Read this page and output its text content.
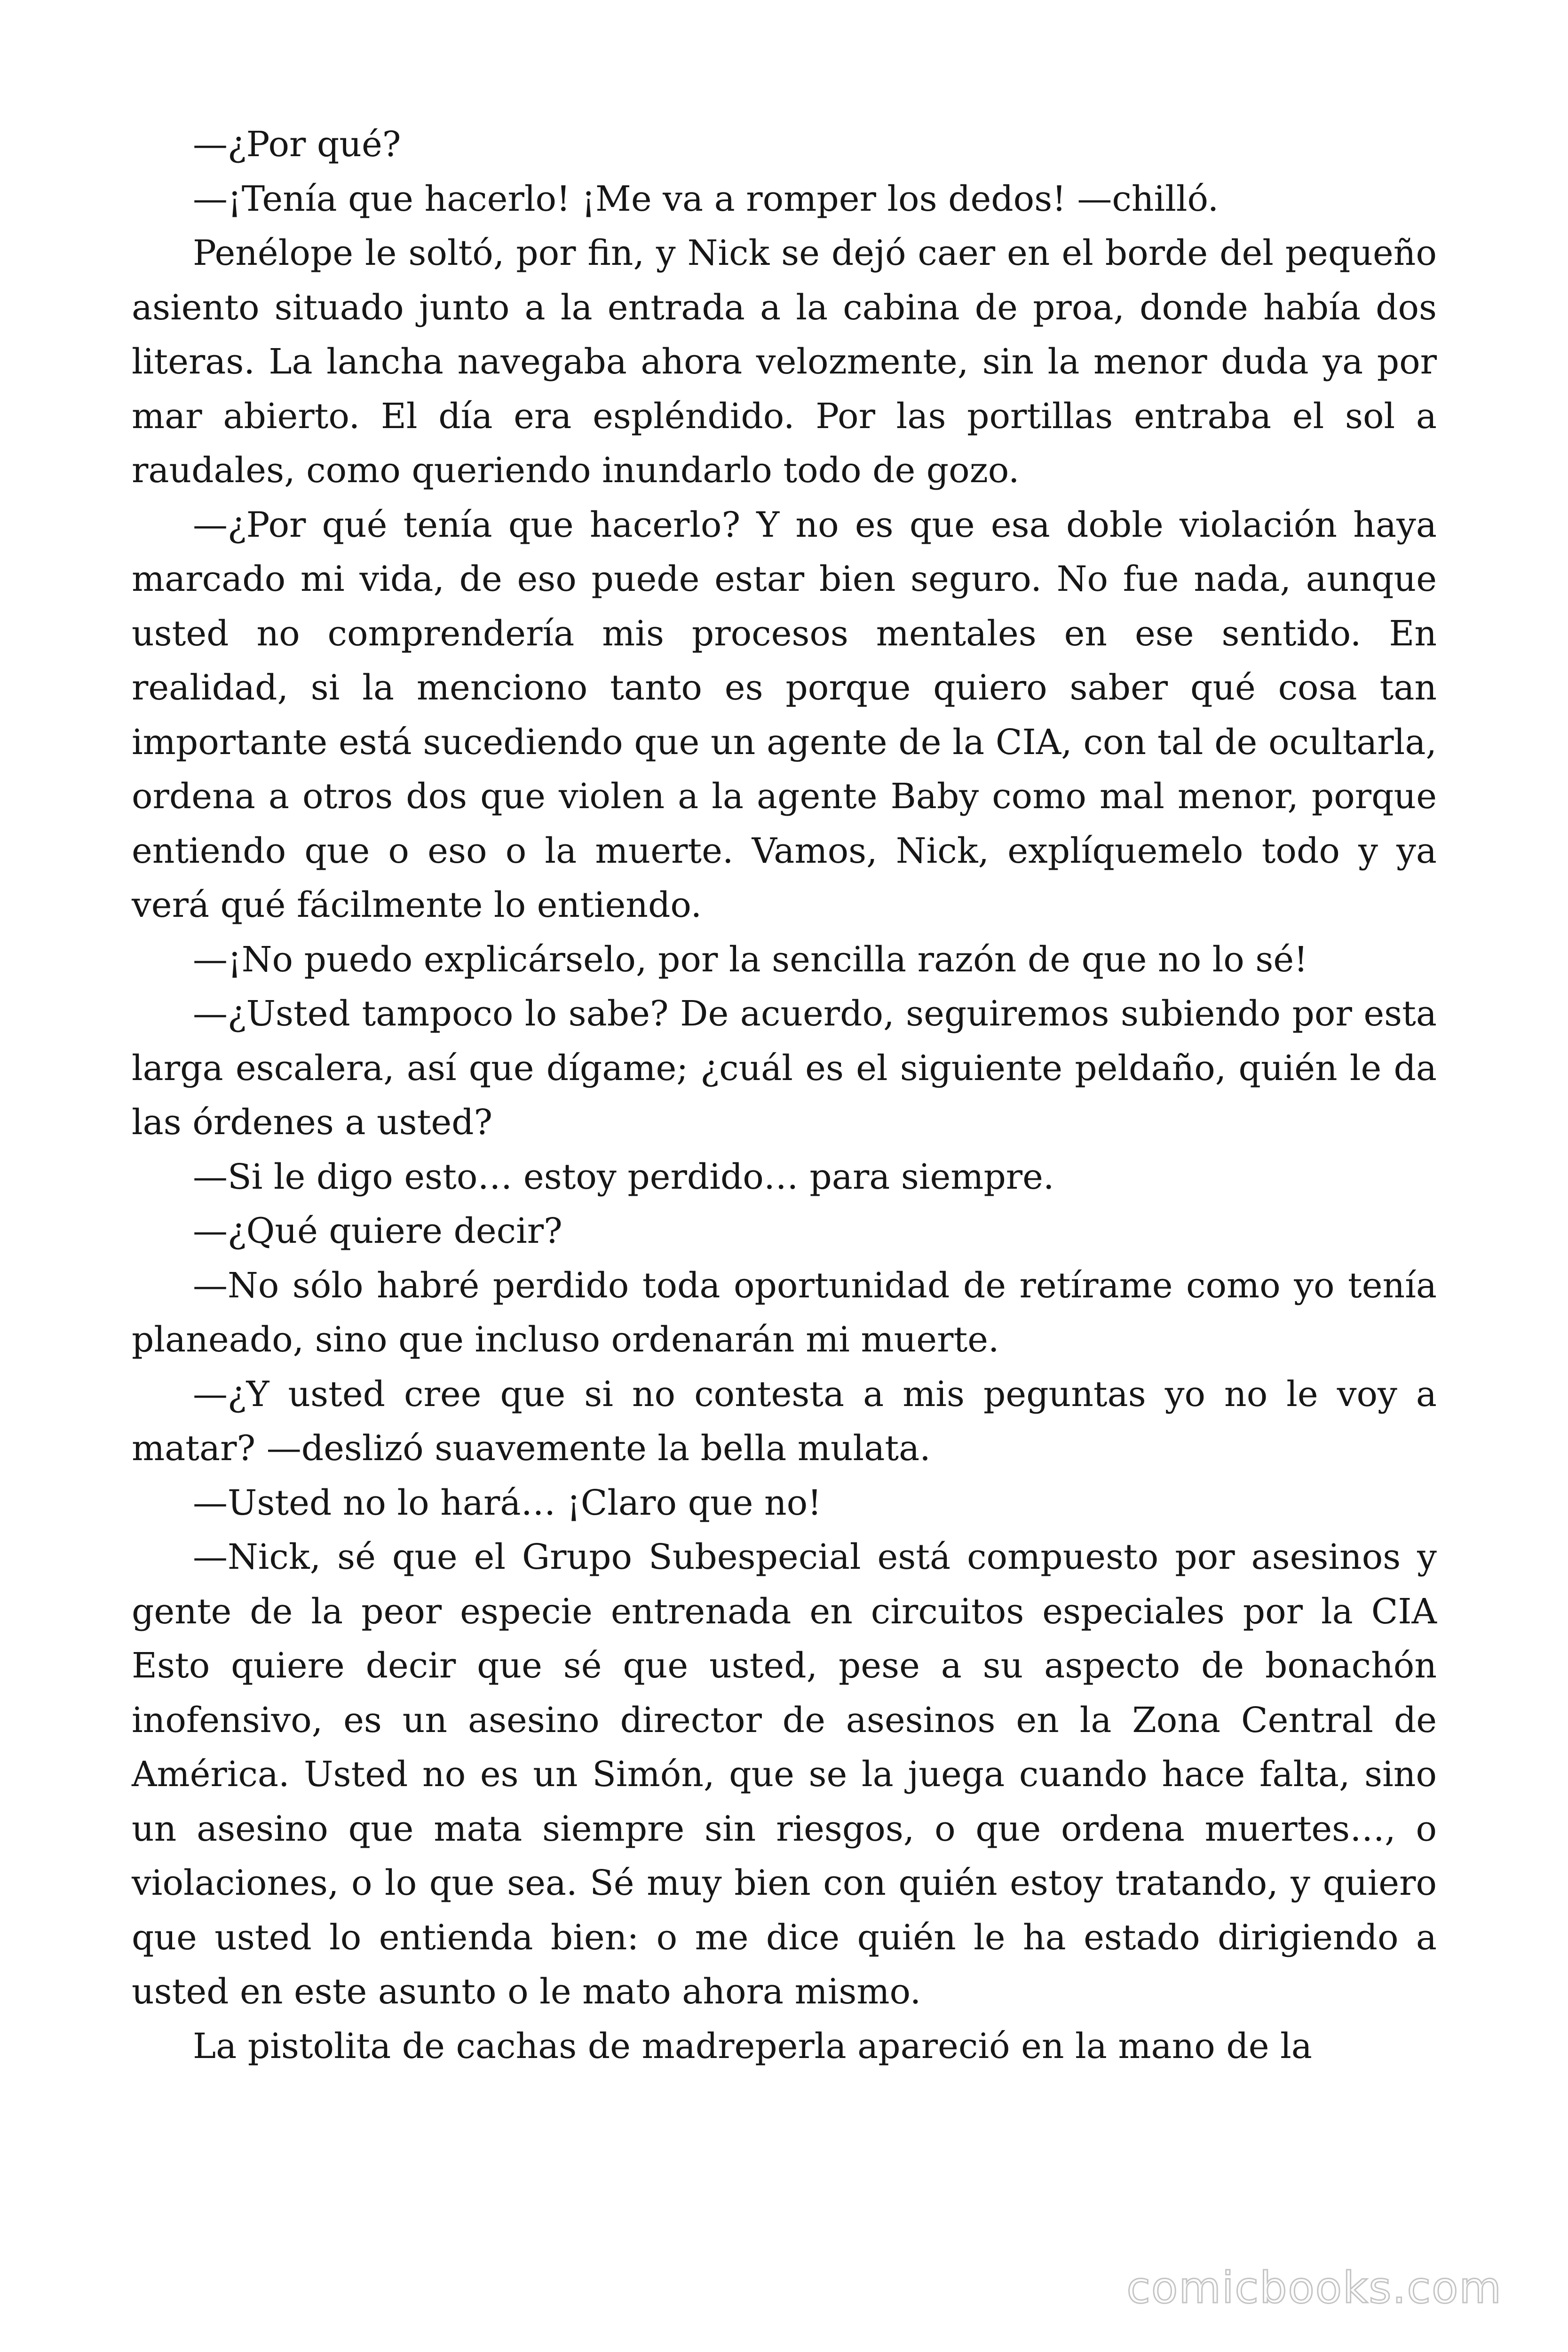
—¿Por qué?

—¡Tenía que hacerlo! ¡Me va a romper los dedos! —chilló.

Penélope le soltó, por fin, y Nick se dejó caer en el borde del pequeño asiento situado junto a la entrada a la cabina de proa, donde había dos literas. La lancha navegaba ahora velozmente, sin la menor duda ya por mar abierto. El día era espléndido. Por las portillas entraba el sol a raudales, como queriendo inundarlo todo de gozo.

—¿Por qué tenía que hacerlo? Y no es que esa doble violación haya marcado mi vida, de eso puede estar bien seguro. No fue nada, aunque usted no comprendería mis procesos mentales en ese sentido. En realidad, si la menciono tanto es porque quiero saber qué cosa tan importante está sucediendo que un agente de la CIA, con tal de ocultarla, ordena a otros dos que violen a la agente Baby como mal menor, porque entiendo que o eso o la muerte. Vamos, Nick, explíquemelo todo y ya verá qué fácilmente lo entiendo.

—¡No puedo explicárselo, por la sencilla razón de que no lo sé!

—¿Usted tampoco lo sabe? De acuerdo, seguiremos subiendo por esta larga escalera, así que dígame; ¿cuál es el siguiente peldaño, quién le da las órdenes a usted?

—Si le digo esto… estoy perdido… para siempre.

—¿Qué quiere decir?

—No sólo habré perdido toda oportunidad de retírame como yo tenía planeado, sino que incluso ordenarán mi muerte.

—¿Y usted cree que si no contesta a mis peguntas yo no le voy a matar? —deslizó suavemente la bella mulata.

—Usted no lo hará… ¡Claro que no!

—Nick, sé que el Grupo Subespecial está compuesto por asesinos y gente de la peor especie entrenada en circuitos especiales por la CIA Esto quiere decir que sé que usted, pese a su aspecto de bonachón inofensivo, es un asesino director de asesinos en la Zona Central de América. Usted no es un Simón, que se la juega cuando hace falta, sino un asesino que mata siempre sin riesgos, o que ordena muertes…, o violaciones, o lo que sea. Sé muy bien con quién estoy tratando, y quiero que usted lo entienda bien: o me dice quién le ha estado dirigiendo a usted en este asunto o le mato ahora mismo.

La pistolita de cachas de madreperla apareció en la mano de la

comicbooks.com
